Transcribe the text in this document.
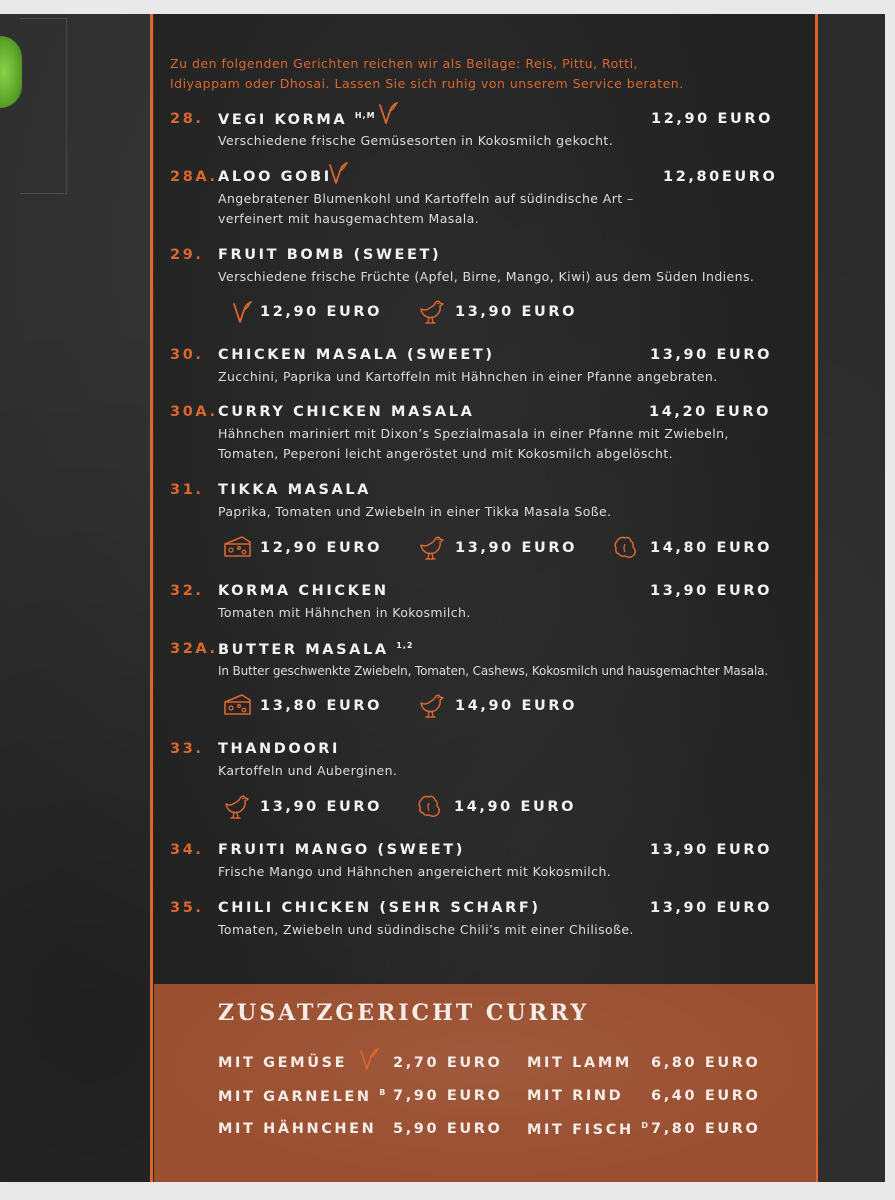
Zu den folgenden Gerichten reichen wir als Beilage: Reis, Pittu, Rotti,
Idiyappam oder Dhosai. Lassen Sie sich ruhig von unserem Service beraten.
28. VEGI KORMA $^{H,M}$	12,90 EURO
Verschiedene frische Gemüsesorten in Kokosmilch gekocht.
28A. ALOO GOBI	12,80EURO
Angebratener Blumenkohl und Kartoffeln auf südindische Art –
verfeinert mit hausgemachtem Masala.
29. FRUIT BOMB (SWEET)
Verschiedene frische Früchte (Apfel, Birne, Mango, Kiwi) aus dem Süden Indiens.
12,90 EURO	13,90 EURO
30. CHICKEN MASALA (SWEET)	13,90 EURO
Zucchini, Paprika und Kartoffeln mit Hähnchen in einer Pfanne angebraten.
30A. CURRY CHICKEN MASALA	14,20 EURO
Hähnchen mariniert mit Dixon’s Spezialmasala in einer Pfanne mit Zwiebeln,
Tomaten, Peperoni leicht angeröstet und mit Kokosmilch abgelöscht.
31. TIKKA MASALA
Paprika, Tomaten und Zwiebeln in einer Tikka Masala Soße.
12,90 EURO	13,90 EURO	14,80 EURO
32. KORMA CHICKEN	13,90 EURO
Tomaten mit Hähnchen in Kokosmilch.
32A. BUTTER MASALA $^{1,2}$
In Butter geschwenkte Zwiebeln, Tomaten, Cashews, Kokosmilch und hausgemachter Masala.
13,80 EURO	14,90 EURO
33. THANDOORI
Kartoffeln und Auberginen.
13,90 EURO	14,90 EURO
34. FRUITI MANGO (SWEET)	13,90 EURO
Frische Mango und Hähnchen angereichert mit Kokosmilch.
35. CHILI CHICKEN (SEHR SCHARF)	13,90 EURO
Tomaten, Zwiebeln und südindische Chili’s mit einer Chilisoße.
ZUSATZGERICHT CURRY
MIT GEMÜSE	2,70 EURO MIT LAMM 6,80 EURO
MIT GARNELEN $^B$ 7,90 EURO MIT RIND 6,40 EURO
MIT HÄHNCHEN 5,90 EURO MIT FISCH $^D$ 7,80 EURO
